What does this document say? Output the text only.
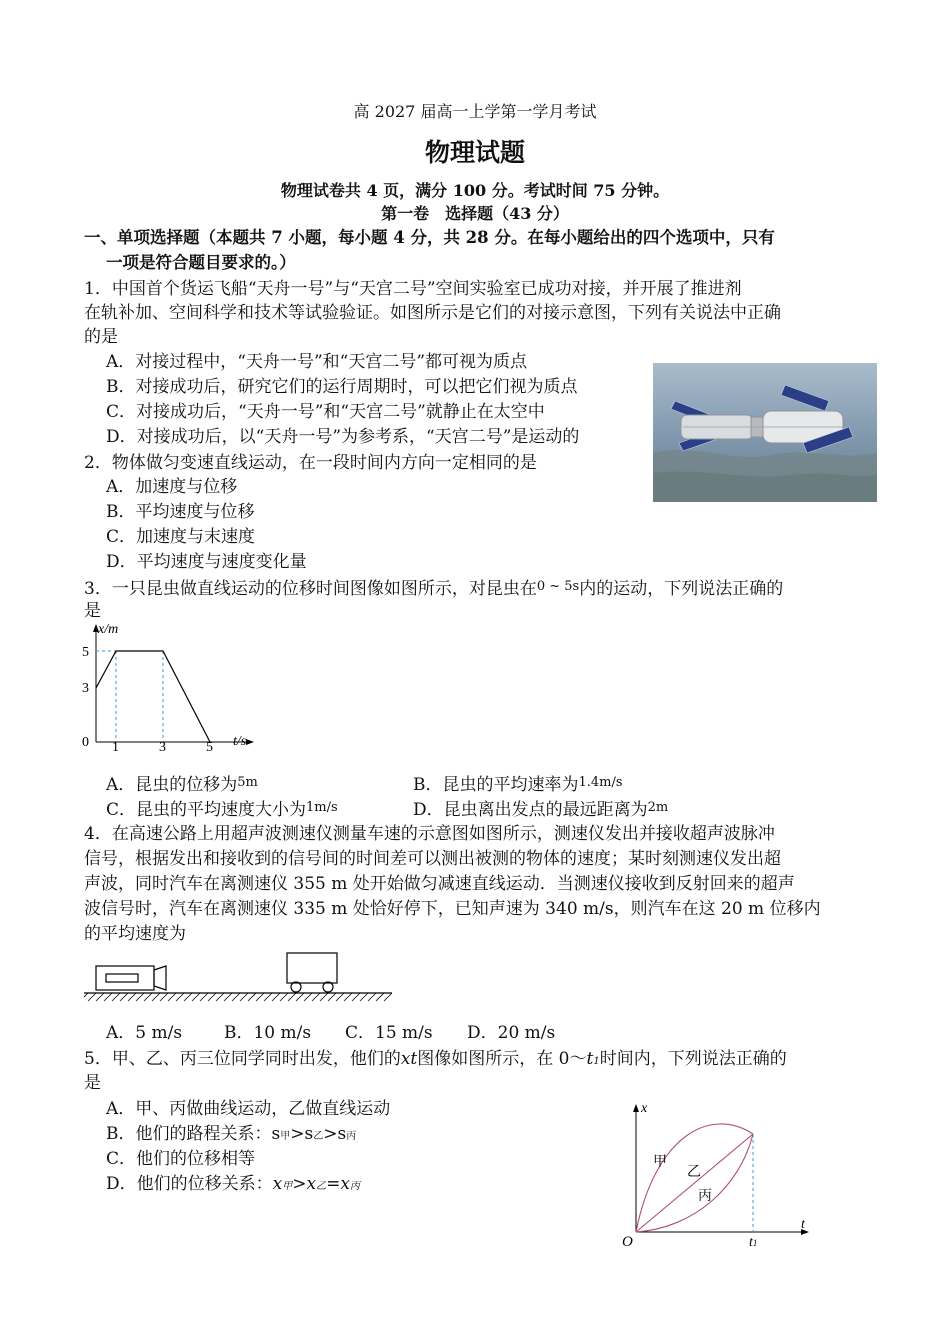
高 2027 届高一上学第一学月考试
物理试题
物理试卷共 4 页，满分 100 分。考试时间 75 分钟。
第一卷　选择题（43 分）
一、单项选择题（本题共 7 小题，每小题 4 分，共 28 分。在每小题给出的四个选项中，只有
一项是符合题目要求的。）
1．中国首个货运飞船“天舟一号”与“天宫二号”空间实验室已成功对接，并开展了推进剂
在轨补加、空间科学和技术等试验验证。如图所示是它们的对接示意图，下列有关说法中正确
的是
A．对接过程中，“天舟一号”和“天宫二号”都可视为质点
B．对接成功后，研究它们的运行周期时，可以把它们视为质点
C．对接成功后，“天舟一号”和“天宫二号”就静止在太空中
D．对接成功后，以“天舟一号”为参考系，“天宫二号”是运动的
2．物体做匀变速直线运动，在一段时间内方向一定相同的是
A．加速度与位移
B．平均速度与位移
C．加速度与末速度
D．平均速度与速度变化量
3．一只昆虫做直线运动的位移时间图像如图所示，对昆虫在$^{0 \sim 5s}$内的运动，下列说法正确的
是
x/m
t/s
5
3
0 1	3	5
A．昆虫的位移为$^{5m}$	B．昆虫的平均速率为$^{1.4m/s}$
C．昆虫的平均速度大小为$^{1m/s}$	D．昆虫离出发点的最远距离为$^{2m}$
4．在高速公路上用超声波测速仪测量车速的示意图如图所示，测速仪发出并接收超声波脉冲
信号，根据发出和接收到的信号间的时间差可以测出被测的物体的速度；某时刻测速仪发出超
声波，同时汽车在离测速仪 355 m 处开始做匀减速直线运动．当测速仪接收到反射回来的超声
波信号时，汽车在离测速仪 335 m 处恰好停下，已知声速为 340 m/s，则汽车在这 20 m 位移内
的平均速度为
A．5 m/s B．10 m/s C．15 m/s D．20 m/s
5．甲、乙、丙三位同学同时出发，他们的xt图像如图所示，在 0～t1时间内，下列说法正确的
是
A．甲、丙做曲线运动，乙做直线运动
B．他们的路程关系：s甲>s乙>s丙
C．他们的位移相等
D．他们的位移关系：x甲>x乙=x丙
x
t
O	t1
甲
乙
丙
